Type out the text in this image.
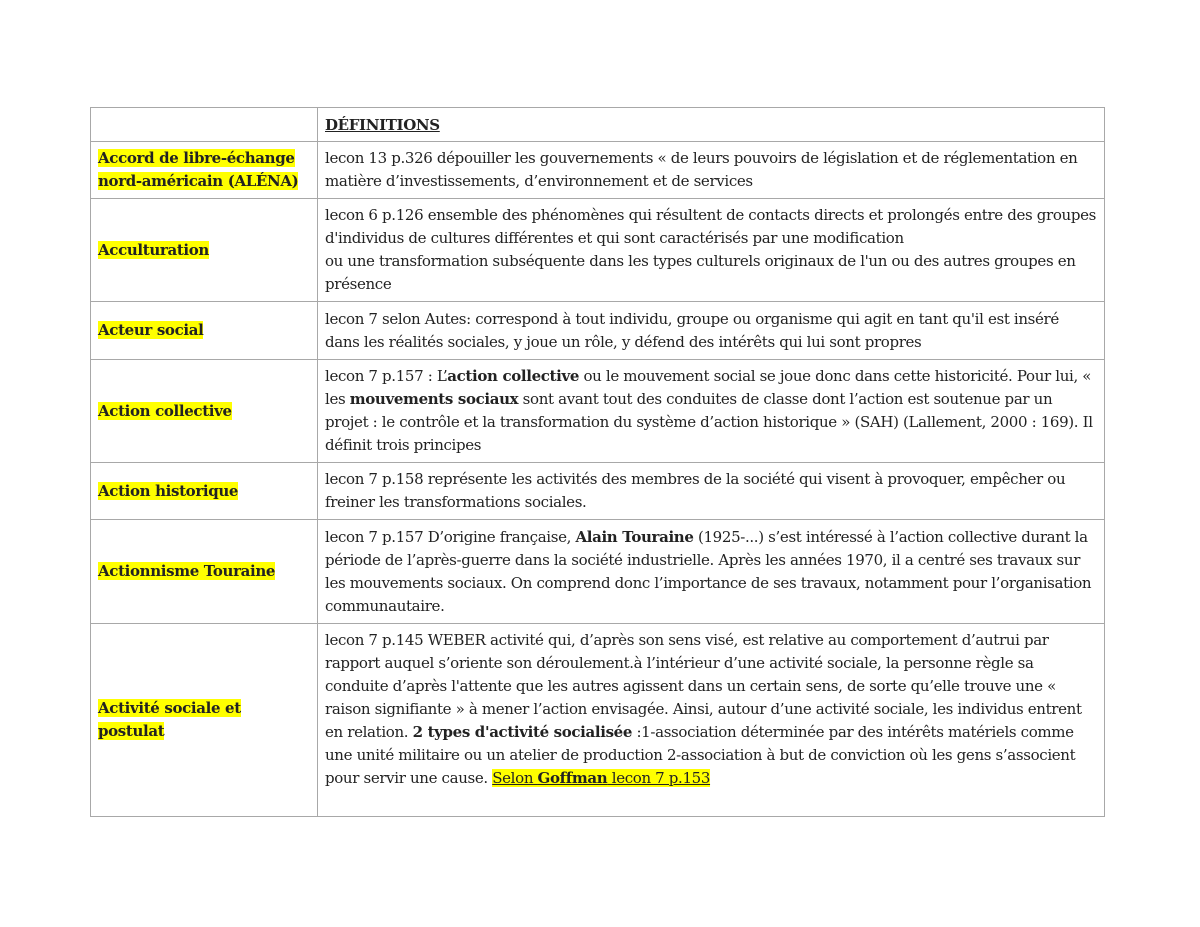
	DÉFINITIONS
Accord de libre-échange nord-américain (ALÉNA)	lecon 13 p.326 dépouiller les gouvernements « de leurs pouvoirs de législation et de réglementation en matière d’investissements, d’environnement et de services
Acculturation	lecon 6 p.126 ensemble des phénomènes qui résultent de contacts directs et prolongés entre des groupes d'individus de cultures différentes et qui sont caractérisés par une modification
ou une transformation subséquente dans les types culturels originaux de l'un ou des autres groupes en présence

Acteur social	lecon 7 selon Autes: correspond à tout individu, groupe ou organisme qui agit en tant qu'il est inséré dans les réalités sociales, y joue un rôle, y défend des intérêts qui lui sont propres
Action collective	lecon 7 p.157 : L’action collective ou le mouvement social se joue donc dans cette historicité. Pour lui, « les mouvements sociaux sont avant tout des conduites de classe dont l’action est soutenue par un projet : le contrôle et la transformation du système d’action historique » (SAH) (Lallement, 2000 : 169). Il définit trois principes
Action historique	lecon 7 p.158 représente les activités des membres de la société qui visent à provoquer, empêcher ou freiner les transformations sociales.
Actionnisme Touraine	lecon 7 p.157 D’origine française, Alain Touraine (1925-...) s’est intéressé à l’action collective durant la période de l’après-guerre dans la société industrielle. Après les années 1970, il a centré ses travaux sur les mouvements sociaux. On comprend donc l’importance de ses travaux, notamment pour l’organisation communautaire.
Activité sociale et postulat	lecon 7 p.145 WEBER activité qui, d’après son sens visé, est relative au comportement d’autrui par rapport auquel s’oriente son déroulement.à l’intérieur d’une activité sociale, la personne règle sa conduite d’après l'attente que les autres agissent dans un certain sens, de sorte qu’elle trouve une « raison signifiante » à mener l’action envisagée. Ainsi, autour d’une activité sociale, les individus entrent en relation. 2 types d'activité socialisée :1-association déterminée par des intérêts matériels comme une unité militaire ou un atelier de production 2-association à but de conviction où les gens s’associent pour servir une cause. Selon Goffman lecon 7 p.153
